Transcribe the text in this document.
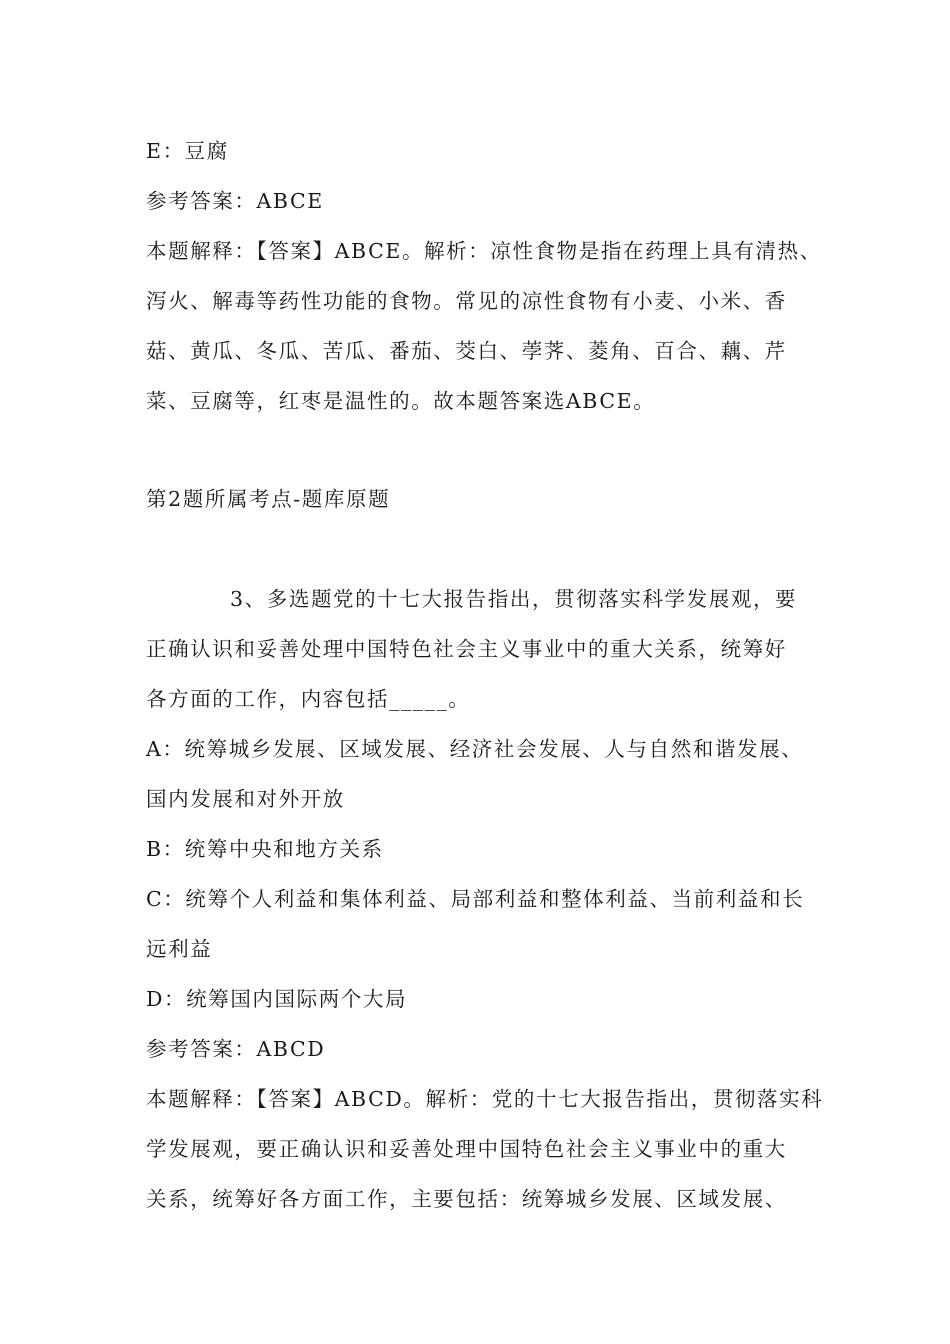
E：豆腐
参考答案：ABCE
本题解释：【答案】ABCE。解析：凉性食物是指在药理上具有清热、
泻火、解毒等药性功能的食物。常见的凉性食物有小麦、小米、香
菇、黄瓜、冬瓜、苦瓜、番茄、茭白、荸荠、菱角、百合、藕、芹
菜、豆腐等，红枣是温性的。故本题答案选ABCE。
第2题所属考点-题库原题
3、多选题党的十七大报告指出，贯彻落实科学发展观，要
正确认识和妥善处理中国特色社会主义事业中的重大关系，统筹好
各方面的工作，内容包括_____。
A：统筹城乡发展、区域发展、经济社会发展、人与自然和谐发展、
国内发展和对外开放
B：统筹中央和地方关系
C：统筹个人利益和集体利益、局部利益和整体利益、当前利益和长
远利益
D：统筹国内国际两个大局
参考答案：ABCD
本题解释：【答案】ABCD。解析：党的十七大报告指出，贯彻落实科
学发展观，要正确认识和妥善处理中国特色社会主义事业中的重大
关系，统筹好各方面工作，主要包括：统筹城乡发展、区域发展、
